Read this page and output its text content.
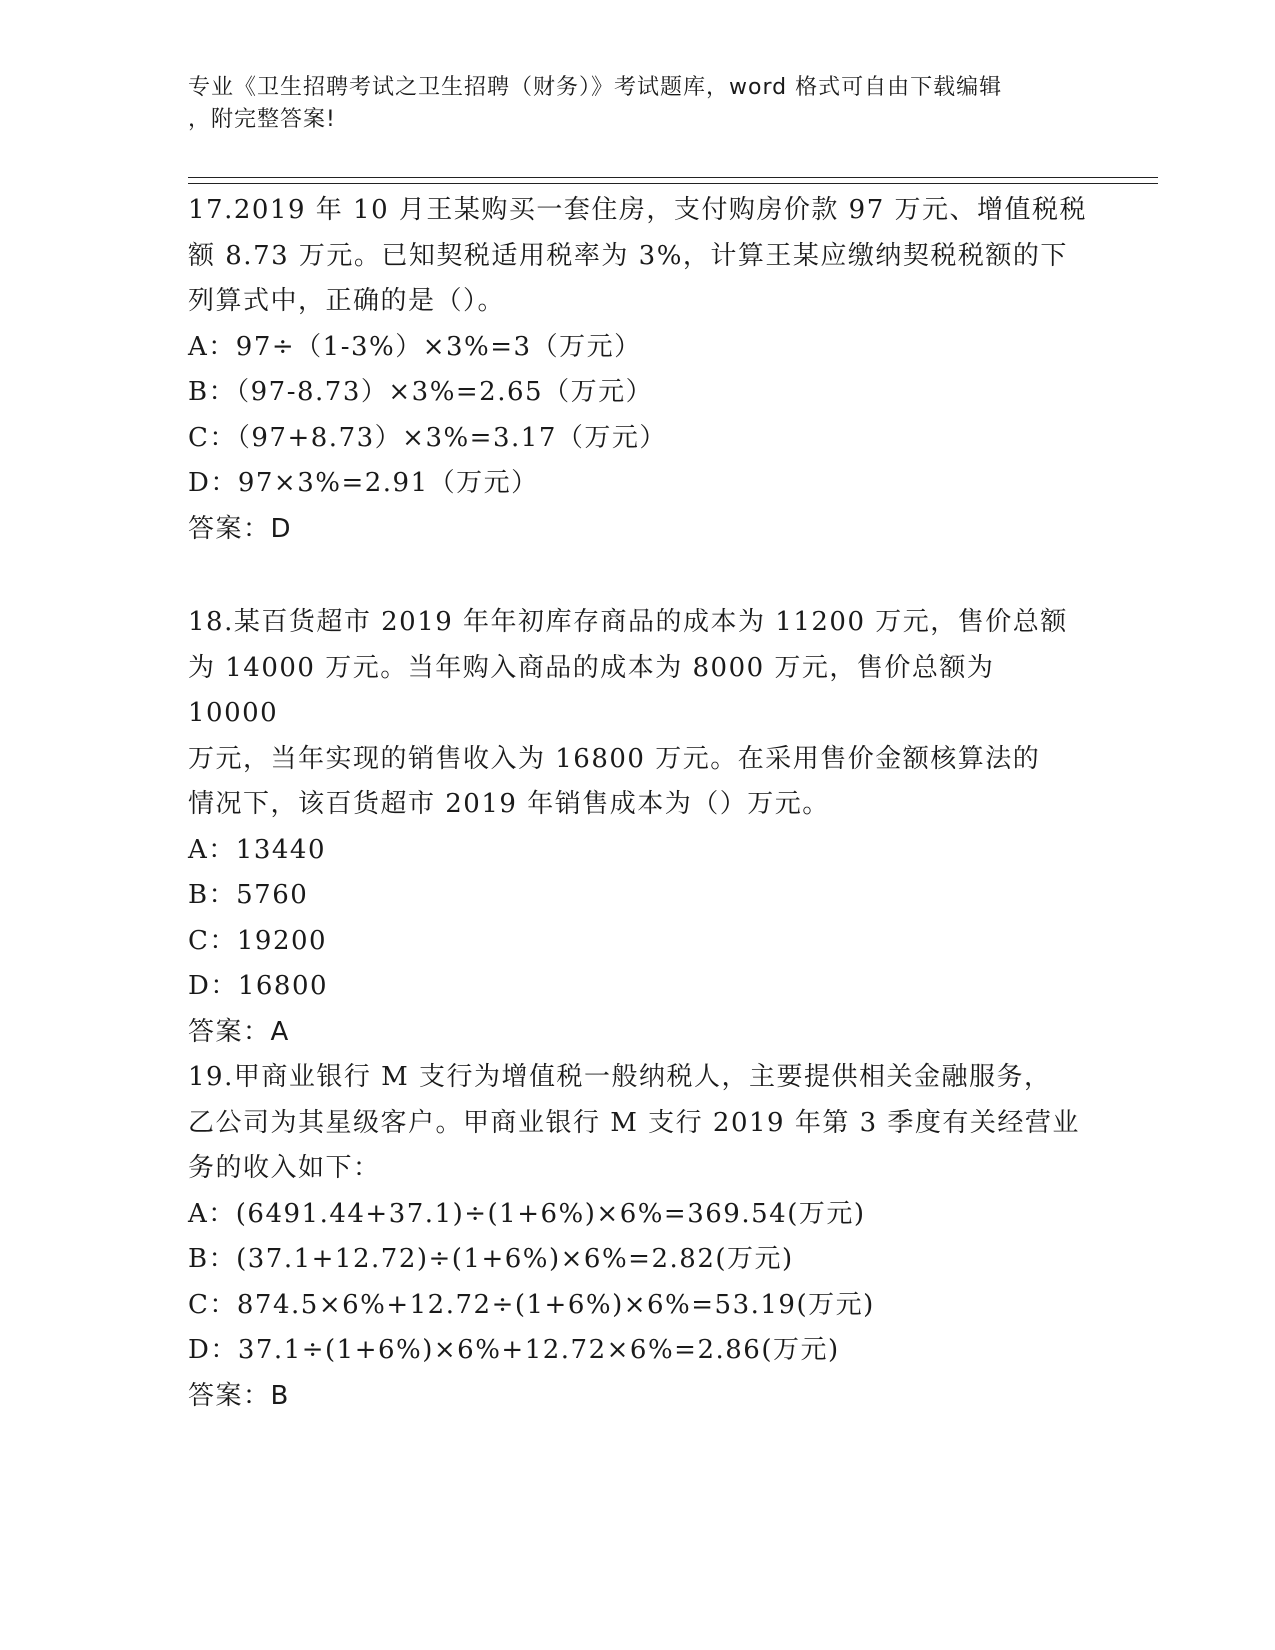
专业《卫生招聘考试之卫生招聘（财务）》考试题库，word 格式可自由下载编辑
，附完整答案!

17.2019 年 10 月王某购买一套住房，支付购房价款 97 万元、增值税税

额 8.73 万元。已知契税适用税率为 3%，计算王某应缴纳契税税额的下

列算式中，正确的是（）。

A：97÷（1-3%）×3%=3（万元）

B：（97-8.73）×3%=2.65（万元）

C：（97+8.73）×3%=3.17（万元）

D：97×3%=2.91（万元）

答案：D

18.某百货超市 2019 年年初库存商品的成本为 11200 万元，售价总额

为 14000 万元。当年购入商品的成本为 8000 万元，售价总额为 10000

万元，当年实现的销售收入为 16800 万元。在采用售价金额核算法的

情况下，该百货超市 2019 年销售成本为（）万元。

A：13440

B：5760

C：19200

D：16800

答案：A

19.甲商业银行 M 支行为增值税一般纳税人，主要提供相关金融服务，

乙公司为其星级客户。甲商业银行 M 支行 2019 年第 3 季度有关经营业

务的收入如下：

A：(6491.44+37.1)÷(1+6%)×6%=369.54(万元)

B：(37.1+12.72)÷(1+6%)×6%=2.82(万元)

C：874.5×6%+12.72÷(1+6%)×6%=53.19(万元)

D：37.1÷(1+6%)×6%+12.72×6%=2.86(万元)

答案：B
